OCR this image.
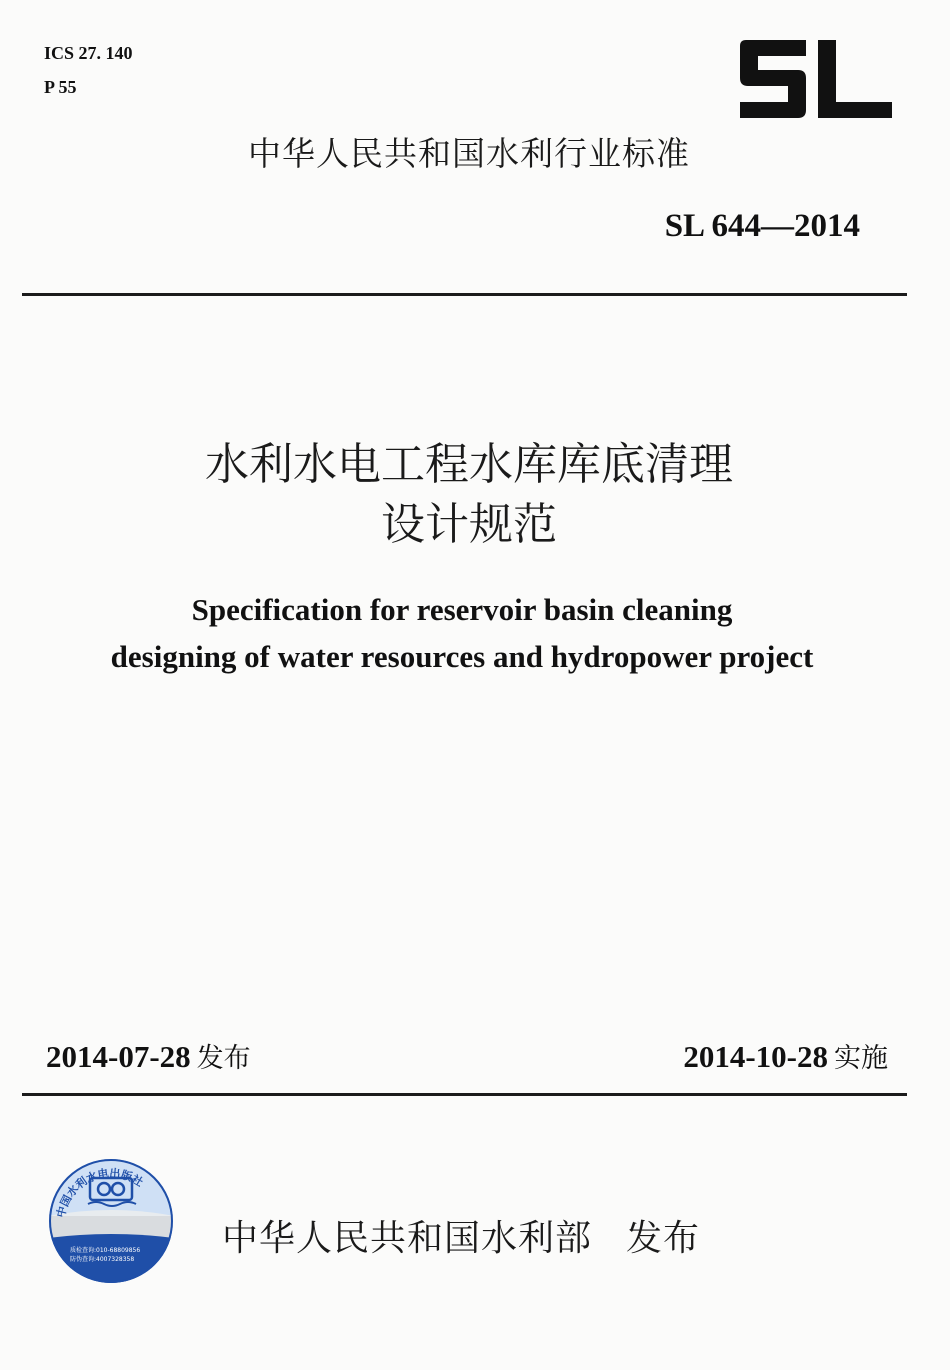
ICS 27. 140
P 55
中华人民共和国水利行业标准
SL 644—2014
水利水电工程水库库底清理
设计规范
Specification for reservoir basin cleaning
designing of water resources and hydropower project
2014-07-28 发布	2014-10-28 实施
中国水利水电出版社
质检查询:010-68809856
防伪查询:4007328358
中华人民共和国水利部 发布
